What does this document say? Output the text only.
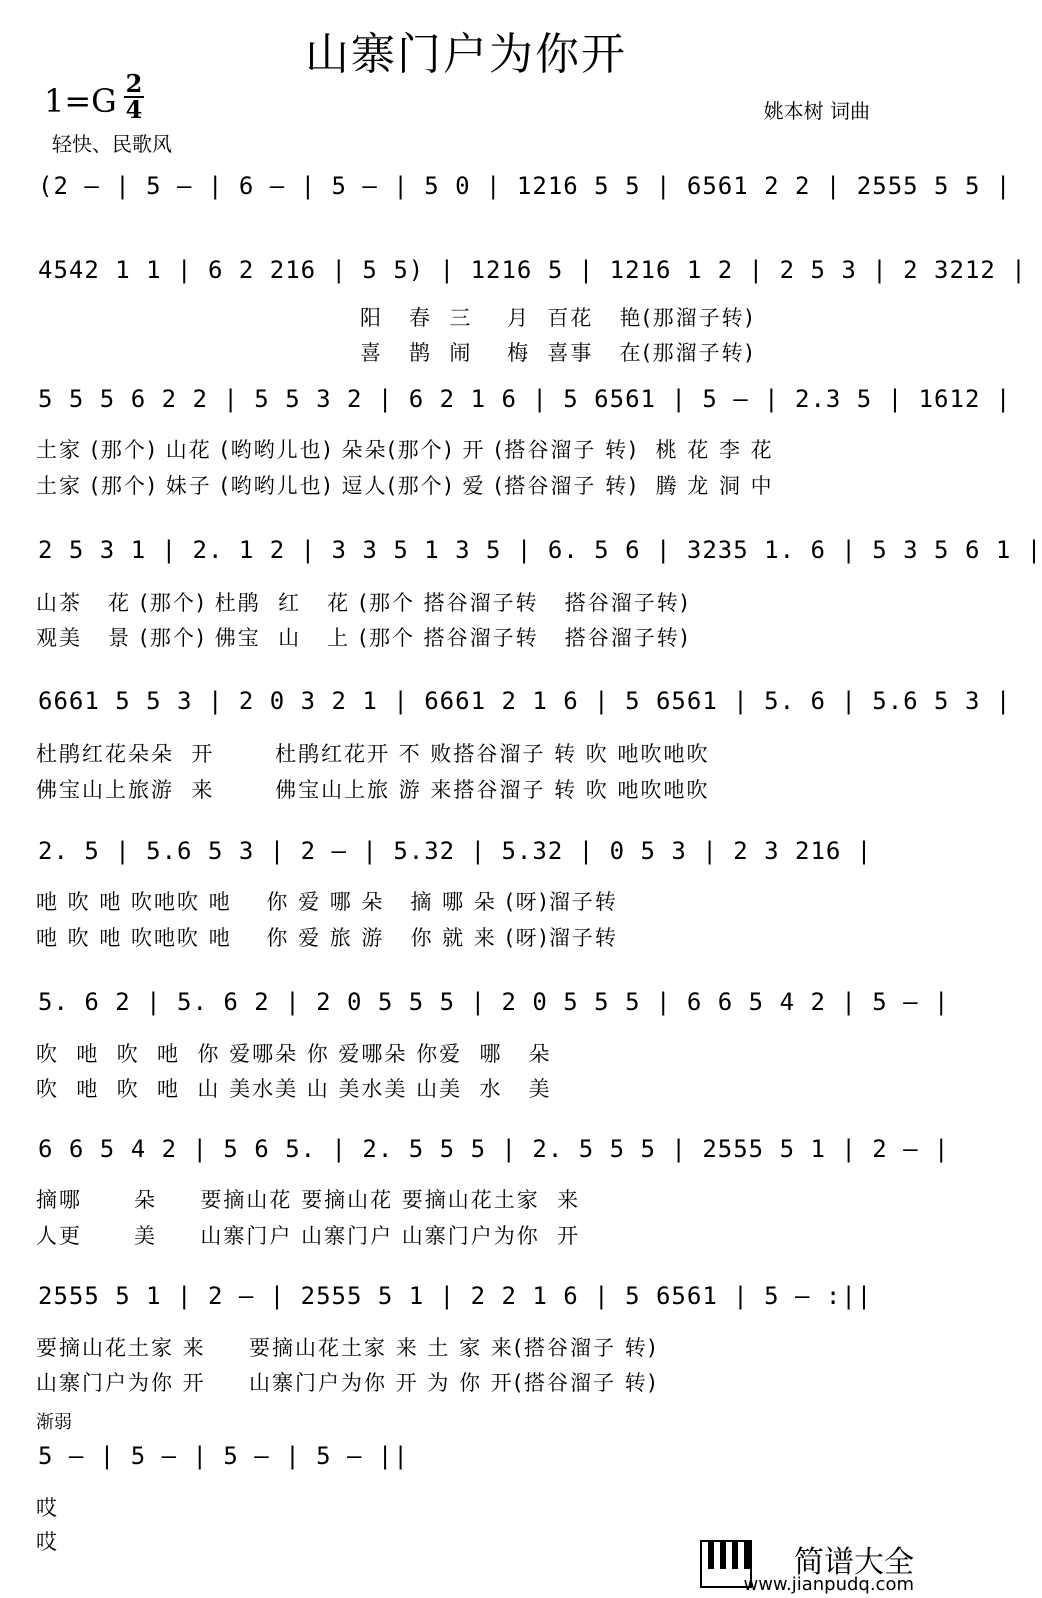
山寨门户为你开
1=G 2
4	姚本树 词曲
轻快、民歌风
(2 – | 5 – | 6 – | 5 – | 5 0 | 1216 5 5 | 6561 2 2 | 2555 5 5 |
4542 1 1 | 6 2 216 | 5 5) | 1216 5 | 1216 1 2 | 2 5 3 | 2 3212 |
阳   春  三    月  百花   艳(那溜子转)
喜   鹊  闹    梅  喜事   在(那溜子转)
5 5 5 6 2 2 | 5 5 3 2 | 6 2 1 6 | 5 6561 | 5 – | 2.3 5 | 1612 |
土家 (那个) 山花 (哟哟儿也) 朵朵(那个) 开 (搭谷溜子 转)  桃 花 李 花
土家 (那个) 妹子 (哟哟儿也) 逗人(那个) 爱 (搭谷溜子 转)  腾 龙 洞 中
2 5 3 1 | 2. 1 2 | 3 3 5 1 3 5 | 6. 5 6 | 3235 1. 6 | 5 3 5 6 1 |
山茶   花 (那个) 杜鹃  红   花 (那个 搭谷溜子转   搭谷溜子转)
观美   景 (那个) 佛宝  山   上 (那个 搭谷溜子转   搭谷溜子转)
6661 5 5 3 | 2 0 3 2 1 | 6661 2 1 6 | 5 6561 | 5. 6 | 5.6 5 3 |
杜鹃红花朵朵  开       杜鹃红花开 不 败搭谷溜子 转 吹 吔吹吔吹
佛宝山上旅游  来       佛宝山上旅 游 来搭谷溜子 转 吹 吔吹吔吹
2. 5 | 5.6 5 3 | 2 – | 5.32 | 5.32 | 0 5 3 | 2 3 216 |
吔 吹 吔 吹吔吹 吔    你 爱 哪 朵   摘 哪 朵 (呀)溜子转
吔 吹 吔 吹吔吹 吔    你 爱 旅 游   你 就 来 (呀)溜子转
5. 6 2 | 5. 6 2 | 2 0 5 5 5 | 2 0 5 5 5 | 6 6 5 4 2 | 5 – |
吹  吔  吹  吔  你 爱哪朵 你 爱哪朵 你爱  哪   朵
吹  吔  吹  吔  山 美水美 山 美水美 山美  水   美
6 6 5 4 2 | 5 6 5. | 2. 5 5 5 | 2. 5 5 5 | 2555 5 1 | 2 – |
摘哪      朵     要摘山花 要摘山花 要摘山花土家  来
人更      美     山寨门户 山寨门户 山寨门户为你  开
2555 5 1 | 2 – | 2555 5 1 | 2 2 1 6 | 5 6561 | 5 – :||
要摘山花土家 来     要摘山花土家 来 土 家 来(搭谷溜子 转)
山寨门户为你 开     山寨门户为你 开 为 你 开(搭谷溜子 转)
渐弱
5 – | 5 – | 5 – | 5 – ||
哎
哎
简谱大全
www.jianpudq.com
